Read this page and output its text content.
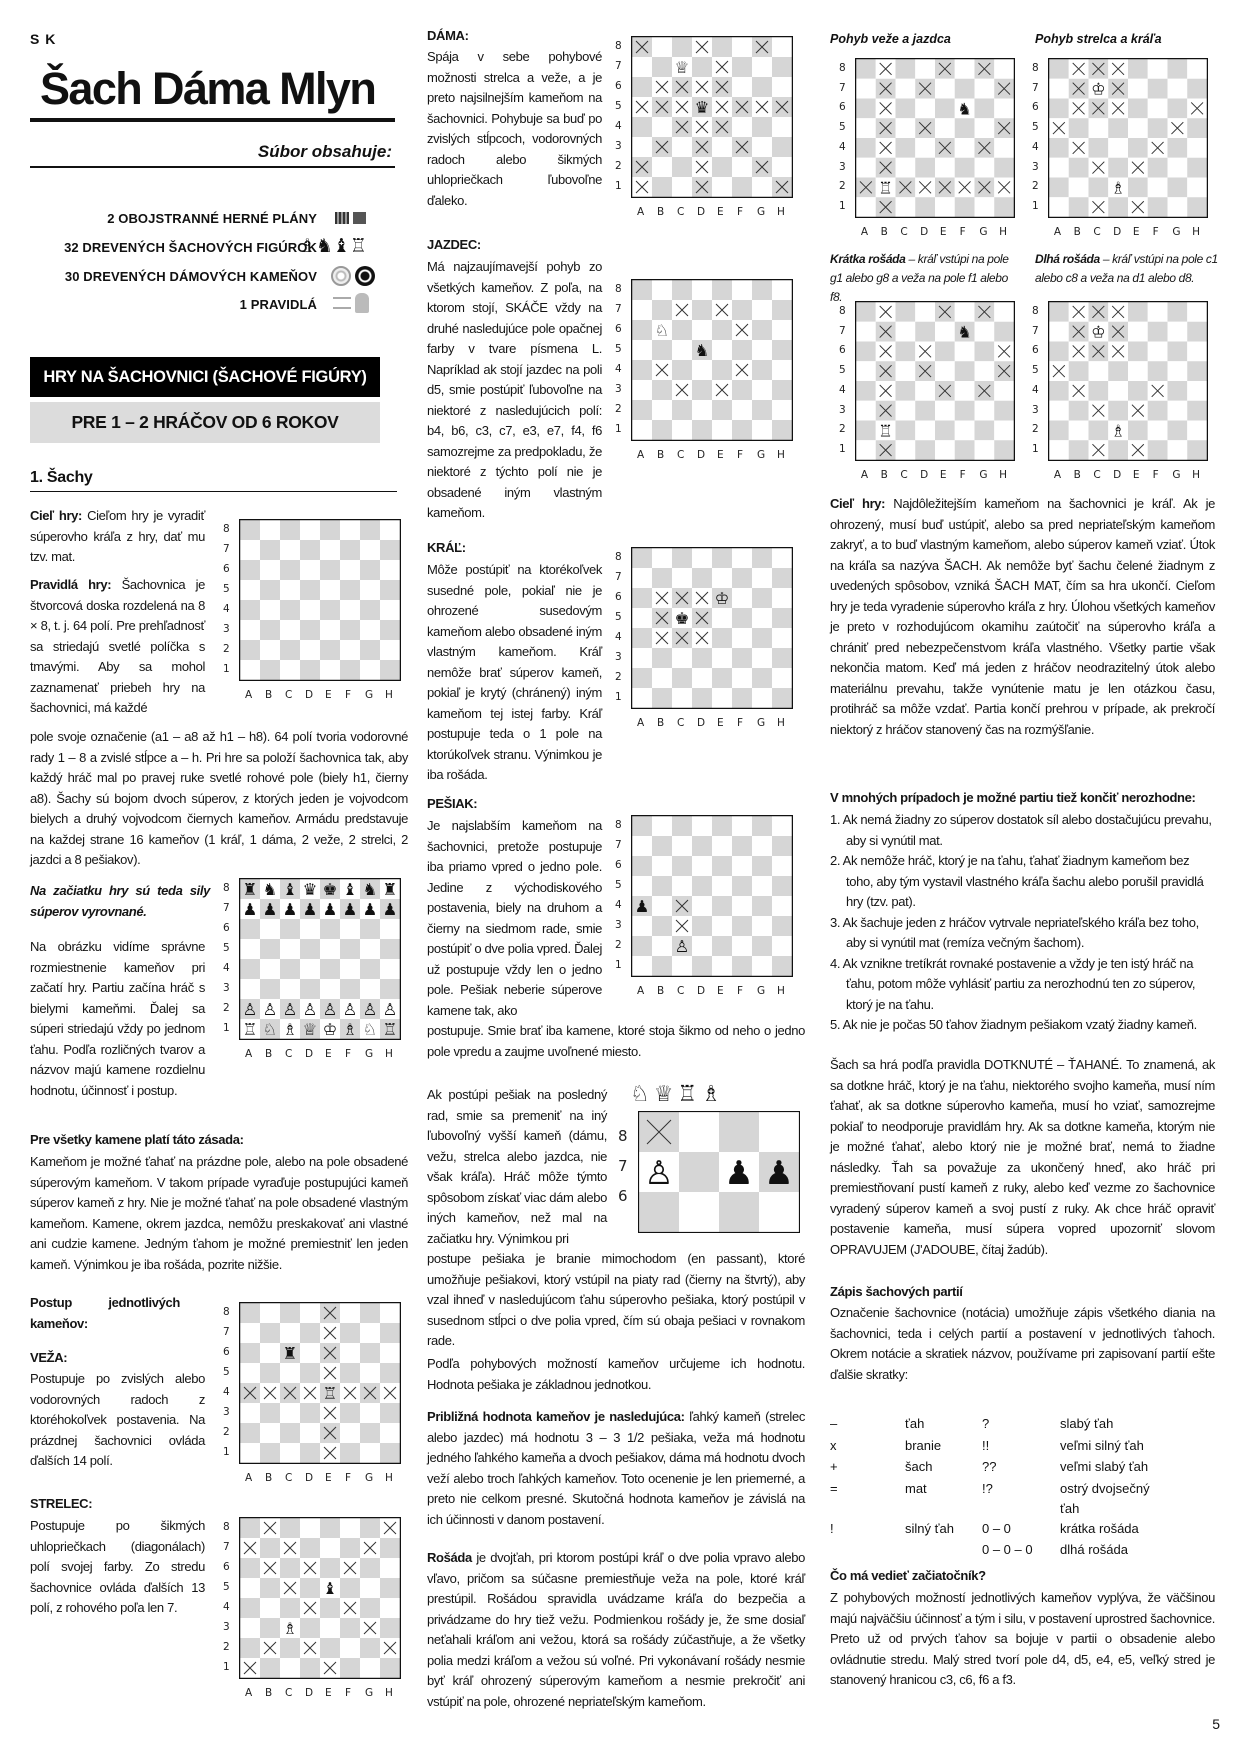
S K
Šach Dáma Mlyn
Súbor obsahuje:
2 OBOJSTRANNÉ HERNÉ PLÁNY
32 DREVENÝCH ŠACHOVÝCH FIGÚROK
♗♞♝♖
30 DREVENÝCH DÁMOVÝCH KAMEŇOV
1 PRAVIDLÁ
HRY NA ŠACHOVNICI (ŠACHOVÉ FIGÚRY)
PRE 1 – 2 HRÁČOV OD 6 ROKOV
1. Šachy

Cieľ hry: Cieľom hry je vyradiť súperovho kráľa z hry, dať mu tzv. mat.

Pravidlá hry: Šachovnica je štvorcová doska rozdelená na 8 × 8, t. j. 64 polí. Pre prehľadnosť sa striedajú svetlé políčka s tmavými. Aby sa mohol zaznamenať priebeh hry na šachovnici, má každé

pole svoje označenie (a1 – a8 až h1 – h8). 64 polí tvoria vodorovné rady 1 – 8 a zvislé stĺpce a – h. Pri hre sa položí šachovnica tak, aby každý hráč mal po pravej ruke svetlé rohové pole (biely h1, čierny a8). Šachy sú bojom dvoch súperov, z ktorých jeden je vojvodcom bielych a druhý vojvodcom čiernych kameňov. Armádu predstavuje na každej strane 16 kameňov (1 kráľ, 1 dáma, 2 veže, 2 strelci, 2 jazdci a 8 pešiakov).

Na začiatku hry sú teda sily súperov vyrovnané.

Na obrázku vidíme správne rozmiestnenie kameňov pri začatí hry. Partiu začína hráč s bielymi kameňmi. Ďalej sa súperi striedajú vždy po jednom ťahu. Podľa rozličných tvarov a názvov majú kamene rozdielnu hodnotu, účinnosť i postup.

Pre všetky kamene platí táto zásada:

Kameňom je možné ťahať na prázdne pole, alebo na pole obsadené súperovým kameňom. V takom prípade vyraďuje postupujúci kameň súperov kameň z hry. Nie je možné ťahať na pole obsadené vlastným kameňom. Kamene, okrem jazdca, nemôžu preskakovať ani vlastné ani cudzie kamene. Jedným ťahom je možné premiestniť len jeden kameň. Výnimkou je iba rošáda, pozrite nižšie.

Postup jednotlivých kameňov:

VEŽA:

Postupuje po zvislých alebo vodorovných radoch z ktoréhokoľvek postavenia. Na prázdnej šachovnici ovláda ďalších 14 polí.

STRELEC:

Postupuje po šikmých uhlopriečkach (diagonálach) polí svojej farby. Zo stredu šachovnice ovláda ďalších 13 polí, z rohového poľa len 7.

DÁMA:

Spája v sebe pohybové možnosti strelca a veže, a je preto najsilnejším kameňom na šachovnici. Pohybuje sa buď po zvislých stĺpcoch, vodorovných radoch alebo šikmých uhlopriečkach ľubovoľne ďaleko.

JAZDEC:

Má najzaujímavejší pohyb zo všetkých kameňov. Z poľa, na ktorom stojí, SKÁČE vždy na druhé nasledujúce pole opačnej farby v tvare písmena L. Napríklad ak stojí jazdec na poli d5, smie postúpiť ľubovoľne na niektoré z nasledujúcich polí: b4, b6, c3, c7, e3, e7, f4, f6 samozrejme za predpokladu, že niektoré z týchto polí nie je obsadené iným vlastným kameňom.

KRÁĽ:

Môže postúpiť na ktorékoľvek susedné pole, pokiaľ nie je ohrozené susedovým kameňom alebo obsadené iným vlastným kameňom. Kráľ nemôže brať súperov kameň, pokiaľ je krytý (chránený) iným kameňom tej istej farby. Kráľ postupuje teda o 1 pole na ktorúkoľvek stranu. Výnimkou je iba rošáda.

PEŠIAK:

Je najslabším kameňom na šachovnici, pretože postupuje iba priamo vpred o jedno pole. Jedine z východiskového postavenia, biely na druhom a čierny na siedmom rade, smie postúpiť o dve polia vpred. Ďalej už postupuje vždy len o jedno pole. Pešiak neberie súperove kamene tak, ako

postupuje. Smie brať iba kamene, ktoré stoja šikmo od neho o jedno pole vpredu a zaujme uvoľnené miesto.

Ak postúpi pešiak na posledný rad, smie sa premeniť na iný ľubovoľný vyšší kameň (dámu, vežu, strelca alebo jazdca, nie však kráľa). Hráč môže týmto spôsobom získať viac dám alebo iných kameňov, než mal na začiatku hry. Výnimkou pri

postupe pešiaka je branie mimochodom (en passant), ktoré umožňuje pešiakovi, ktorý vstúpil na piaty rad (čierny na štvrtý), aby vzal ihneď v nasledujúcom ťahu súperovho pešiaka, ktorý postúpil v susednom stĺpci o dve polia vpred, čím sú obaja pešiaci v rovnakom rade.

Podľa pohybových možností kameňov určujeme ich hodnotu. Hodnota pešiaka je základnou jednotkou.

Približná hodnota kameňov je nasledujúca: ľahký kameň (strelec alebo jazdec) má hodnotu 3 – 3 1/2 pešiaka, veža má hodnotu jedného ľahkého kameňa a dvoch pešiakov, dáma má hodnotu dvoch veží alebo troch ľahkých kameňov. Toto ocenenie je len priemerné, a preto nie celkom presné. Skutočná hodnota kameňov je závislá na ich účinnosti v danom postavení.

Rošáda je dvojťah, pri ktorom postúpi kráľ o dve polia vpravo alebo vľavo, pričom sa súčasne premiestňuje veža na pole, ktoré kráľ prestúpil. Rošádou spravidla uvádzame kráľa do bezpečia a privádzame do hry tiež vežu. Podmienkou rošády je, že sme dosiaľ neťahali kráľom ani vežou, ktorá sa rošády zúčastňuje, a že všetky polia medzi kráľom a vežou sú voľné. Pri vykonávaní rošády nesmie byť kráľ ohrozený súperovým kameňom a nesmie prekročiť ani vstúpiť na pole, ohrozené nepriateľským kameňom.

Pohyb veže a jazdca	Pohyb strelca a kráľa

Krátka rošáda – kráľ vstúpi na pole g1 alebo g8 a veža na pole f1 alebo f8.

Dlhá rošáda – kráľ vstúpi na pole c1 alebo c8 a veža na d1 alebo d8.

Cieľ hry: Najdôležitejším kameňom na šachovnici je kráľ. Ak je ohrozený, musí buď ustúpiť, alebo sa pred nepriateľským kameňom zakryť, a to buď vlastným kameňom, alebo súperov kameň vziať. Útok na kráľa sa nazýva ŠACH. Ak nemôže byť šachu čelené žiadnym z uvedených spôsobov, vzniká ŠACH MAT, čím sa hra ukončí. Cieľom hry je teda vyradenie súperovho kráľa z hry. Úlohou všetkých kameňov je preto v rozhodujúcom okamihu zaútočiť na súperovho kráľa a chrániť pred nebezpečenstvom kráľa vlastného. Všetky partie však nekončia matom. Keď má jeden z hráčov neodrazitelný útok alebo materiálnu prevahu, takže vynútenie matu je len otázkou času, protihráč sa môže vzdať. Partia končí prehrou v prípade, ak prekročí niektorý z hráčov stanovený čas na rozmýšľanie.

V mnohých prípadoch je možné partiu tiež končiť nerozhodne:

1. Ak nemá žiadny zo súperov dostatok síl alebo dostačujúcu prevahu, aby si vynútil mat.

2. Ak nemôže hráč, ktorý je na ťahu, ťahať žiadnym kameňom bez toho, aby tým vystavil vlastného kráľa šachu alebo porušil pravidlá hry (tzv. pat).

3. Ak šachuje jeden z hráčov vytrvale nepriateľského kráľa bez toho, aby si vynútil mat (remíza večným šachom).

4. Ak vznikne tretíkrát rovnaké postavenie a vždy je ten istý hráč na ťahu, potom môže vyhlásiť partiu za nerozhodnú ten zo súperov, ktorý je na ťahu.

5. Ak nie je počas 50 ťahov žiadnym pešiakom vzatý žiadny kameň.

Šach sa hrá podľa pravidla DOTKNUTÉ – ŤAHANÉ. To znamená, ak sa dotkne hráč, ktorý je na ťahu, niektorého svojho kameňa, musí ním ťahať, ak sa dotkne súperovho kameňa, musí ho vziať, samozrejme pokiaľ to neodporuje pravidlám hry. Ak sa dotkne kameňa, ktorým nie je možné ťahať, alebo ktorý nie je možné brať, nemá to žiadne následky. Ťah sa považuje za ukončený hneď, ako hráč pri premiestňovaní pustí kameň z ruky, alebo keď vezme zo šachovnice vyradený súperov kameň a svoj pustí z ruky. Ak chce hráč opraviť postavenie kameňa, musí súpera vopred upozorniť slovom OPRAVUJEM (J'ADOUBE, čítaj žadúb).

Zápis šachových partií

Označenie šachovnice (notácia) umožňuje zápis všetkého diania na šachovnici, teda i celých partií a postavení v jednotlivých ťahoch. Okrem notácie a skratiek názvov, používame pri zapisovaní partií ešte ďalšie skratky:

–	ťah	?	slabý ťah
x	branie	!!	veľmi silný ťah
+	šach	??	veľmi slabý ťah
=	mat	!?	ostrý dvojsečný ťah
!	silný ťah	0 – 0	krátka rošáda
		0 – 0 – 0	dlhá rošáda

Čo má vedieť začiatočník?

Z pohybových možností jednotlivých kameňov vyplýva, že väčšinou majú najväčšiu účinnosť a tým i silu, v postavení uprostred šachovnice. Preto už od prvých ťahov sa bojuje v partii o obsadenie alebo ovládnutie stredu. Malý stred tvorí pole d4, d5, e4, e5, veľký stred je stanovený hranicou c3, c6, f6 a f3.

5
8
7
6
5
4
3
2
1
A B C D E F G H
♜ ♞ ♝ ♛ ♚ ♝ ♞ ♜
♟ ♟ ♟ ♟ ♟ ♟ ♟ ♟
♙ ♙ ♙ ♙ ♙ ♙ ♙ ♙
♖ ♘ ♗ ♕ ♔ ♗ ♘ ♖
8
7
6
5
4
3
2
1
A B C D E F G H
♜
♖
8
7
6
5
4
3
2
1
A B C D E F G H
♝
♗
8
7
6
5
4
3
2
1
A B C D E F G H
♛
♕
8
7
6
5
4
3
2
1
A B C D E F G H
♞
♘
8
7
6
5
4
3
2
1
A B C D E F G H
♚
♔
8
7
6
5
4
3
2
1
A B C D E F G H
♟
♙
8
7
6
5
4
3
2
1
A B C D E F G H
♙ ♟ ♟
8
7
6
♘♕♖♗
♞
♖
8
7
6
5
4
3
2
1
A B C D E F G H
♔
♗
8
7
6
5
4
3
2
1
A B C D E F G H
♞
♖
8
7
6
5
4
3
2
1
A B C D E F G H
♔
♗
8
7
6
5
4
3
2
1
A B C D E F G H
